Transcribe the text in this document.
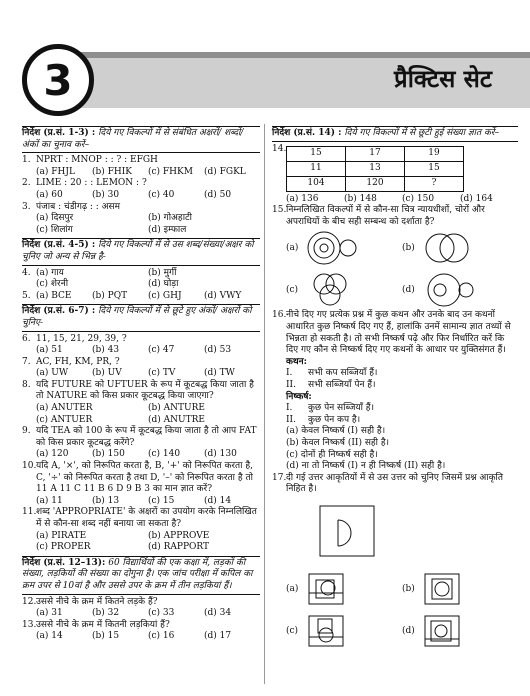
3	प्रैक्टिस सेट
निर्देश (प्र.सं. 1-3) : दिये गए विकल्पों में से संबंधित अक्षरों/ शब्दों/ अंकों का चुनाव करें–
1. NPRT : MNOP : : ? : EFGH
(a) FHJL	(b) FHIK	(c) FHKM	(d) FGKL
2. LIME : 20 : : LEMON : ?
(a) 60	(b) 30	(c) 40	(d) 50
3. पंजाब : चंडीगढ़ : : असम
(a) दिसपुर	(b) गोअहाटी
(c) शिलांग	(d) इम्फाल
निर्देश (प्र.सं. 4-5) : दिये गए विकल्पों में से उस शब्द/संख्या/अक्षर को चुनिए जो अन्य से भिन्न है-
4. (a) गाय	(b) मुर्गी
(c) शेरनी	(d) घोड़ा
5. (a) BCE	(b) PQT	(c) GHJ	(d) VWY
निर्देश (प्र.सं. 6-7) : दिये गए विकल्पों में से छूटे हुए अंकों/ अक्षरों को चुनिए-
6. 11, 15, 21, 29, 39, ?
(a) 51	(b) 43	(c) 47	(d) 53
7. AC, FH, KM, PR, ?
(a) UW	(b) UV	(c) TV	(d) TW
8. यदि FUTURE को UFTUER के रूप में कूटबद्ध किया जाता है तो NATURE को किस प्रकार कूटबद्ध किया जाएगा?
(a) ANUTER	(b) ANTURE
(c) ANTUER	(d) ANUTRE
9. यदि TEA को 100 के रूप में कूटबद्ध किया जाता है तो आप FAT को किस प्रकार कूटबद्ध करेंगे?
(a) 120	(b) 150	(c) 140	(d) 130
10. यदि A, '×', को निरूपित करता है, B, '+' को निरूपित करता है, C, '÷' को निरूपित करता है तथा D, '–' को निरूपित करता है तो 11 A 11 C 11 B 6 D 9 B 3 का मान ज्ञात करें?
(a) 11	(b) 13	(c) 15	(d) 14
11. शब्द 'APPROPRIATE' के अक्षरों का उपयोग करके निम्नलिखित में से कौन-सा शब्द नहीं बनाया जा सकता है?
(a) PIRATE	(b) APPROVE
(c) PROPER	(d) RAPPORT
निर्देश (प्र.सं. 12–13): 60 विद्यार्थियों की एक कक्षा में, लड़कों की संख्या, लड़कियों की संख्या का दोगुना है। एक जांच परीक्षा में कपिल का क्रम उपर से 10वां है और उससे उपर के क्रम में तीन लड़कियां हैं।
12. उससे नीचे के क्रम में कितने लड़के हैं?
(a) 31	(b) 32	(c) 33	(d) 34
13. उससे नीचे के क्रम में कितनी लड़कियां हैं?
(a) 14	(b) 15	(c) 16	(d) 17
निर्देश (प्र.सं. 14) : दिये गए विकल्पों में से छूटी हुई संख्या ज्ञात करें–
14.	15	17	19
11	13	15
104	120	?
(a) 136	(b) 148	(c) 150	(d) 164
15. निम्नलिखित विकल्पों में से कौन-सा चित्र न्यायधीशों, चोरों और अपराधियों के बीच सही सम्बन्ध को दर्शाता है?
(a)	(b)
(c)	(d)
16. नीचे दिए गए प्रत्येक प्रश्न में कुछ कथन और उनके बाद उन कथनों आधारित कुछ निष्कर्ष दिए गए हैं, हालांकि उनमें सामान्य ज्ञात तथ्यों से भिन्नता हो सकती है। तो सभी निष्कर्ष पढ़े और फिर निर्धारित करें कि दिए गए कौन से निष्कर्ष दिए गए कथनों के आधार पर युक्तिसंगत हैं।
कथन:
I.	सभी कप सब्जियाँ हैं।
II.	सभी सब्जियाँ पेन हैं।
निष्कर्ष:
I.	कुछ पेन सब्जियाँ हैं।
II.	कुछ पेन कप है।
(a) केवल निष्कर्ष (I) सही है।
(b) केवल निष्कर्ष (II) सही है।
(c) दोनों ही निष्कर्ष सही है।
(d) ना तो निष्कर्ष (I) न ही निष्कर्ष (II) सही है।
17. दी गई उत्तर आकृतियों में से उस उत्तर को चुनिए जिसमें प्रश्न आकृति निहित है।
(a)	(b)
(c)	(d)
